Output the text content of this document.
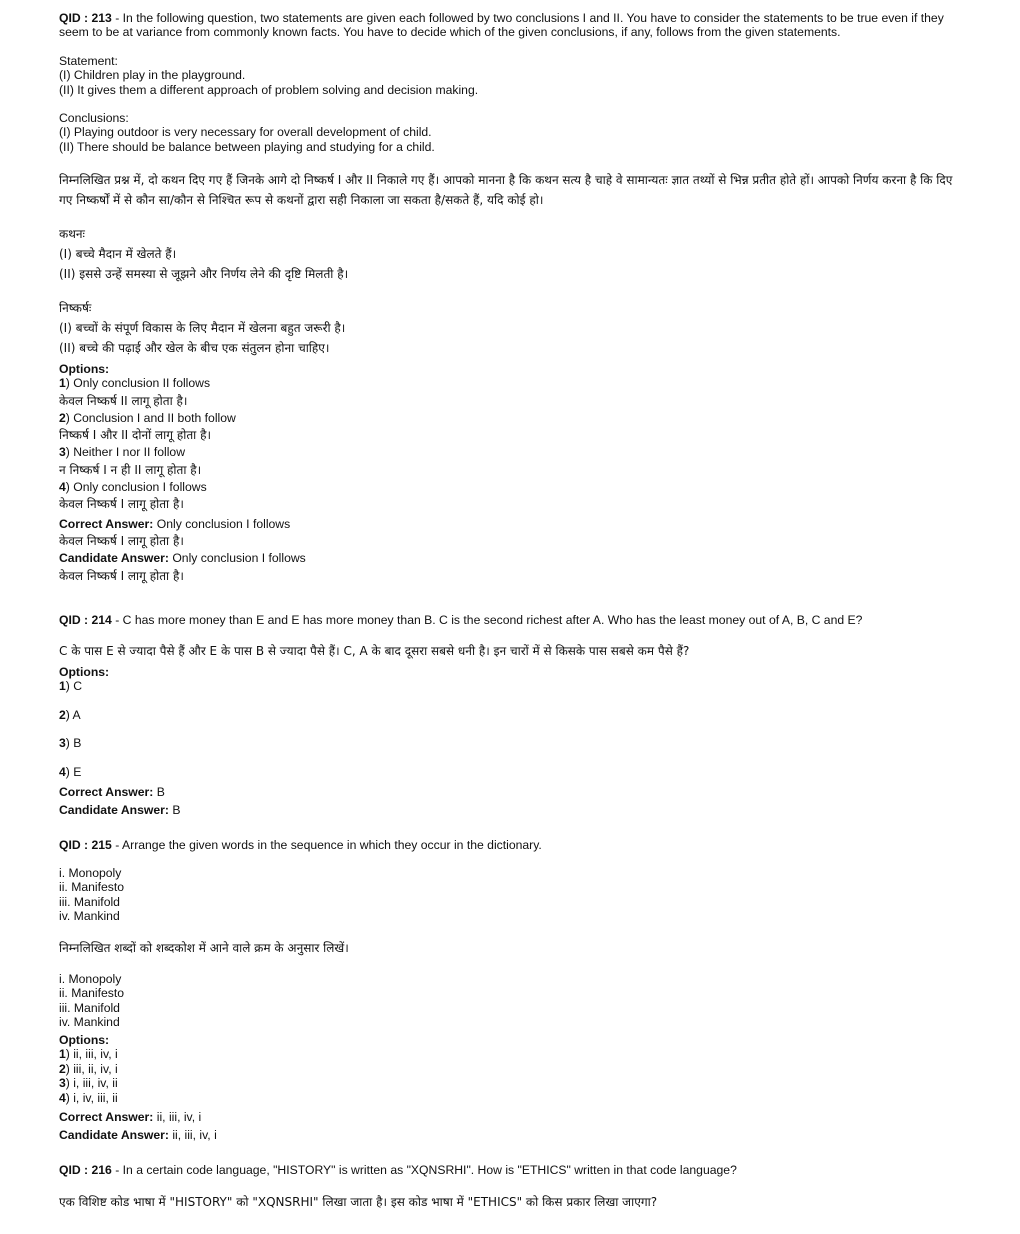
QID : 213 - In the following question, two statements are given each followed by two conclusions I and II. You have to consider the statements to be true even if they seem to be at variance from commonly known facts. You have to decide which of the given conclusions, if any, follows from the given statements.
Statement:
(I) Children play in the playground.
(II) It gives them a different approach of problem solving and decision making.
Conclusions:
(I) Playing outdoor is very necessary for overall development of child.
(II) There should be balance between playing and studying for a child.
निम्नलिखित प्रश्न में, दो कथन दिए गए हैं जिनके आगे दो निष्कर्ष I और II निकाले गए हैं। आपको मानना है कि कथन सत्य है चाहे वे सामान्यतः ज्ञात तथ्यों से भिन्न प्रतीत होते हों। आपको निर्णय करना है कि दिए गए निष्कर्षों में से कौन सा/कौन से निश्चित रूप से कथनों द्वारा सही निकाला जा सकता है/सकते हैं, यदि कोई हो।
कथनः
(I) बच्चे मैदान में खेलते हैं।
(II) इससे उन्हें समस्या से जूझने और निर्णय लेने की दृष्टि मिलती है।
निष्कर्षः
(I) बच्चों के संपूर्ण विकास के लिए मैदान में खेलना बहुत जरूरी है।
(II) बच्चे की पढ़ाई और खेल के बीच एक संतुलन होना चाहिए।
Options:
1) Only conclusion II follows
केवल निष्कर्ष II लागू होता है।
2) Conclusion I and II both follow
निष्कर्ष I और II दोनों लागू होता है।
3) Neither I nor II follow
न निष्कर्ष I न ही II लागू होता है।
4) Only conclusion I follows
केवल निष्कर्ष I लागू होता है।
Correct Answer: Only conclusion I follows
केवल निष्कर्ष I लागू होता है।
Candidate Answer: Only conclusion I follows
केवल निष्कर्ष I लागू होता है।
QID : 214 - C has more money than E and E has more money than B. C is the second richest after A. Who has the least money out of A, B, C and E?
C के पास E से ज्यादा पैसे हैं और E के पास B से ज्यादा पैसे हैं। C, A के बाद दूसरा सबसे धनी है। इन चारों में से किसके पास सबसे कम पैसे हैं?
Options:
1) C
2) A
3) B
4) E
Correct Answer: B
Candidate Answer: B
QID : 215 - Arrange the given words in the sequence in which they occur in the dictionary.
i. Monopoly
ii. Manifesto
iii. Manifold
iv. Mankind
निम्नलिखित शब्दों को शब्दकोश में आने वाले क्रम के अनुसार लिखें।
i. Monopoly
ii. Manifesto
iii. Manifold
iv. Mankind
Options:
1) ii, iii, iv, i
2) iii, ii, iv, i
3) i, iii, iv, ii
4) i, iv, iii, ii
Correct Answer: ii, iii, iv, i
Candidate Answer: ii, iii, iv, i
QID : 216 - In a certain code language, "HISTORY" is written as "XQNSRHI". How is "ETHICS" written in that code language?
एक विशिष्ट कोड भाषा में "HISTORY" को "XQNSRHI" लिखा जाता है। इस कोड भाषा में "ETHICS" को किस प्रकार लिखा जाएगा?
